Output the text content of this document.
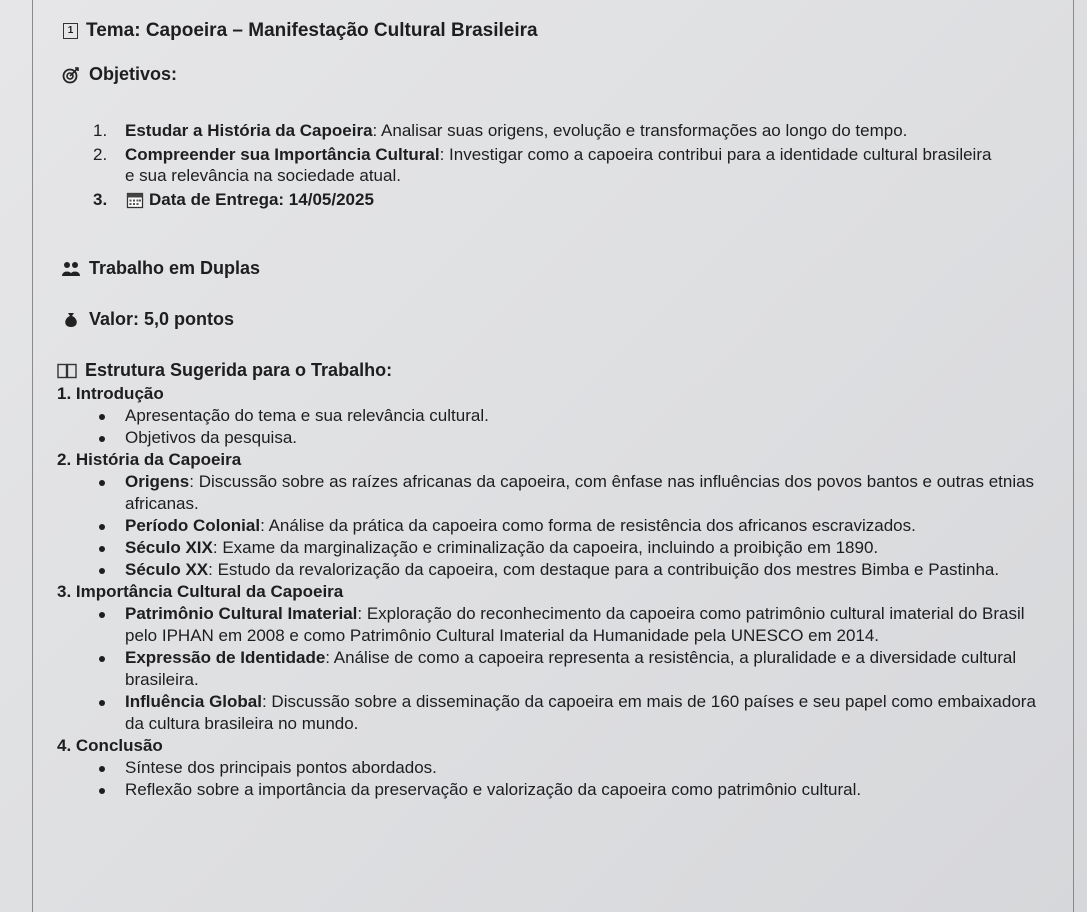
1 Tema: Capoeira – Manifestação Cultural Brasileira
Objetivos:
1.	Estudar a História da Capoeira: Analisar suas origens, evolução e transformações ao longo do tempo.
2.	Compreender sua Importância Cultural: Investigar como a capoeira contribui para a identidade cultural brasileira e sua relevância na sociedade atual.
3.	Data de Entrega: 14/05/2025
Trabalho em Duplas
Valor: 5,0 pontos
Estrutura Sugerida para o Trabalho:
1. Introdução
Apresentação do tema e sua relevância cultural.
Objetivos da pesquisa.
2. História da Capoeira
Origens: Discussão sobre as raízes africanas da capoeira, com ênfase nas influências dos povos bantos e outras etnias africanas.
Período Colonial: Análise da prática da capoeira como forma de resistência dos africanos escravizados.
Século XIX: Exame da marginalização e criminalização da capoeira, incluindo a proibição em 1890.
Século XX: Estudo da revalorização da capoeira, com destaque para a contribuição dos mestres Bimba e Pastinha.
3. Importância Cultural da Capoeira
Patrimônio Cultural Imaterial: Exploração do reconhecimento da capoeira como patrimônio cultural imaterial do Brasil pelo IPHAN em 2008 e como Patrimônio Cultural Imaterial da Humanidade pela UNESCO em 2014.
Expressão de Identidade: Análise de como a capoeira representa a resistência, a pluralidade e a diversidade cultural brasileira.
Influência Global: Discussão sobre a disseminação da capoeira em mais de 160 países e seu papel como embaixadora da cultura brasileira no mundo.
4. Conclusão
Síntese dos principais pontos abordados.
Reflexão sobre a importância da preservação e valorização da capoeira como patrimônio cultural.
